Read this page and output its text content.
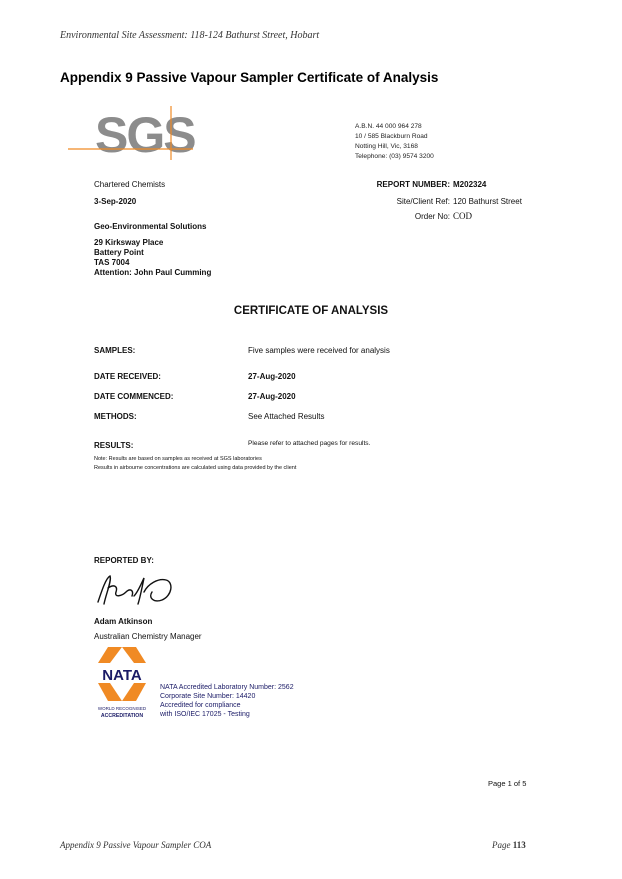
Environmental Site Assessment: 118-124 Bathurst Street, Hobart
Appendix 9 Passive Vapour Sampler Certificate of Analysis
SGS	A.B.N. 44 000 964 278
10 / 585 Blackburn Road
Notting Hill, Vic, 3168
Telephone: (03) 9574 3200
Chartered Chemists
3-Sep-2020
REPORT NUMBER: M202324
Site/Client Ref: 120 Bathurst Street
Order No: COD
Geo-Environmental Solutions
29 Kirksway Place
Battery Point
TAS 7004
Attention: John Paul Cumming
CERTIFICATE OF ANALYSIS
SAMPLES:	Five samples were received for analysis
DATE RECEIVED:	27-Aug-2020
DATE COMMENCED:	27-Aug-2020
METHODS:	See Attached Results
RESULTS:	Please refer to attached pages for results.
Note: Results are based on samples as received at SGS laboratories
Results in airbourne concentrations are calculated using data provided by the client
REPORTED BY:
Adam Atkinson
Australian Chemistry Manager
NATA
WORLD RECOGNISED
ACCREDITATION
NATA Accredited Laboratory Number: 2562
Corporate Site Number: 14420
Accredited for compliance
with ISO/IEC 17025 - Testing
Page 1 of 5
Appendix 9 Passive Vapour Sampler COA	Page 113
